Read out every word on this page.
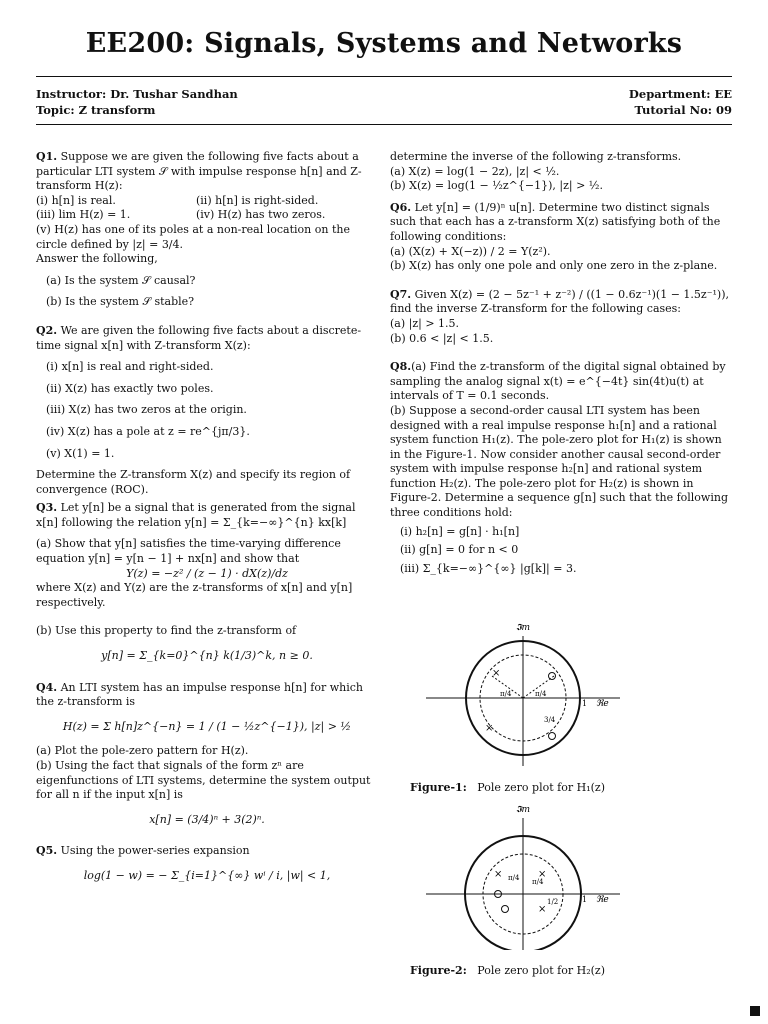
EE200: Signals, Systems and Networks
Instructor: Dr. Tushar Sandhan
Topic: Z transform
Department: EE
Tutorial No: 09

Q1. Suppose we are given the following five facts about a particular LTI system 𝒮 with impulse response h[n] and Z-transform H(z):

(i) h[n] is real.	(ii) h[n] is right-sided.

(iii) lim H(z) = 1.	(iv) H(z) has two zeros.

(v) H(z) has one of its poles at a non-real location on the circle defined by |z| = 3/4.

Answer the following,

(a) Is the system 𝒮 causal?

(b) Is the system 𝒮 stable?

Q2. We are given the following five facts about a discrete-time signal x[n] with Z-transform X(z):

(i) x[n] is real and right-sided.

(ii) X(z) has exactly two poles.

(iii) X(z) has two zeros at the origin.

(iv) X(z) has a pole at z = re^{jπ/3}.

(v) X(1) = 1.

Determine the Z-transform X(z) and specify its region of convergence (ROC).

Q3. Let y[n] be a signal that is generated from the signal x[n] following the relation y[n] = Σ_{k=−∞}^{n} kx[k]

(a) Show that y[n] satisfies the time-varying difference equation y[n] = y[n − 1] + nx[n] and show that

Y(z) = −z² / (z − 1) · dX(z)/dz

where X(z) and Y(z) are the z-transforms of x[n] and y[n] respectively.

(b) Use this property to find the z-transform of

y[n] = Σ_{k=0}^{n} k(1/3)^k, n ≥ 0.

Q4. An LTI system has an impulse response h[n] for which the z-transform is

H(z) = Σ h[n]z^{−n} = 1 / (1 − ½z^{−1}), |z| > ½

(a) Plot the pole-zero pattern for H(z).

(b) Using the fact that signals of the form zⁿ are eigenfunctions of LTI systems, determine the system output for all n if the input x[n] is

x[n] = (3/4)ⁿ + 3(2)ⁿ.

Q5. Using the power-series expansion

log(1 − w) = − Σ_{i=1}^{∞} wⁱ / i, |w| < 1,

determine the inverse of the following z-transforms.

(a) X(z) = log(1 − 2z), |z| < ½.

(b) X(z) = log(1 − ½z^{−1}), |z| > ½.

Q6. Let y[n] = (1/9)ⁿ u[n]. Determine two distinct signals such that each has a z-transform X(z) satisfying both of the following conditions:

(a) (X(z) + X(−z)) / 2 = Y(z²).

(b) X(z) has only one pole and only one zero in the z-plane.

Q7. Given X(z) = (2 − 5z⁻¹ + z⁻²) / ((1 − 0.6z⁻¹)(1 − 1.5z⁻¹)), find the inverse Z-transform for the following cases:

(a) |z| > 1.5.

(b) 0.6 < |z| < 1.5.

Q8.(a) Find the z-transform of the digital signal obtained by sampling the analog signal x(t) = e^{−4t} sin(4t)u(t) at intervals of T = 0.1 seconds.

(b) Suppose a second-order causal LTI system has been designed with a real impulse response h₁[n] and a rational system function H₁(z). The pole-zero plot for H₁(z) is shown in the Figure-1. Now consider another causal second-order system with impulse response h₂[n] and rational system function H₂(z). The pole-zero plot for H₂(z) is shown in Figure-2. Determine a sequence g[n] such that the following three conditions hold:

(i) h₂[n] = g[n] · h₁[n]

(ii) g[n] = 0 for n < 0

(iii) Σ_{k=−∞}^{∞} |g[k]| = 3.

𝕴m
ℜe
1
×
×
π/4	π/4
3/4
Figure-1: Pole zero plot for H₁(z)
𝕴m
ℜe
1
×	×
×
π/4 π/4
1/2
Figure-2: Pole zero plot for H₂(z)
